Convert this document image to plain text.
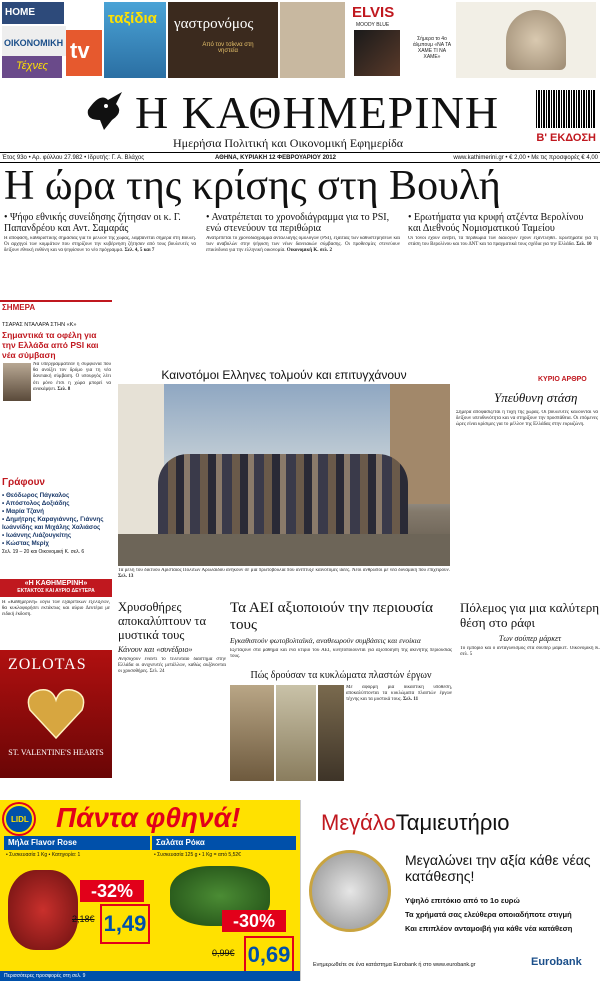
HOME
ΟΙΚΟΝΟΜΙΚΗ
Τέχνες
tv
ταξίδια γαστρονόμος
Από τον τσίκνα στη νηστεία
ELVIS
MOODY BLUE
Σήμερα το 4ο άλμπουμ «ΝΑ ΤΑ ΧΑΜΕ ΤΙ ΝΑ ΧΑΜΕ»
Η ΚΑΘΗΜΕΡΙΝΗ
Ημερήσια Πολιτική και Οικονομική Εφημερίδα	Β' ΕΚΔΟΣΗ
Έτος 93ο • Αρ. φύλλου 27.982 • Ιδρυτής: Γ. Α. Βλάχος	ΑΘΗΝΑ, ΚΥΡΙΑΚΗ 12 ΦΕΒΡΟΥΑΡΙΟΥ 2012	www.kathimerini.gr • € 2,00 • Με τις προσφορές € 4,00
Η ώρα της κρίσης στη Βουλή
• Ψήφο εθνικής συνείδησης ζήτησαν οι κ. Γ. Παπανδρέου και Αντ. Σαμαράς
• Ανατρέπεται το χρονοδιάγραμμα για το PSI, ενώ στενεύουν τα περιθώρια
• Ερωτήματα για κρυφή ατζέντα Βερολίνου και Διεθνούς Νομισματικού Ταμείου
Η απόφαση, καθοριστικής σημασίας για το μέλλον της χώρας, λαμβάνεται σήμερα στη Βουλή. Οι αρχηγοί των κομμάτων που στηρίζουν την κυβέρνηση ζήτησαν από τους βουλευτές να δείξουν εθνική ευθύνη και να ψηφίσουν το νέο πρόγραμμα. Σελ. 4, 5 και 7
Ανατρέπεται το χρονοδιάγραμμα ανταλλαγής ομολόγων (PSI), εξαιτίας των καθυστερήσεων και των αναβολών στην ψήφιση των νέων δανειακών σύμβασης. Οι προθεσμίες στενεύουν επικίνδυνα για την ελληνική οικονομία. Οικονομική Κ. σελ. 2
Οι τόνοι έχουν ανέβει, τα περιθώρια των διαλόγων έχουν εξαντληθεί. Ερωτήματα για τη στάση του Βερολίνου και του ΔΝΤ και τα πραγματικά τους σχέδια για την Ελλάδα. Σελ. 10
ΣΗΜΕΡΑ
ΤΣΑΡΑΣ ΝΤΑΛΑΡΑ ΣΤΗΝ «Κ»
Σημαντικά τα οφέλη για την Ελλάδα από PSI και νέα σύμβαση
Να υπεργραμματέαν η συμφωνία που θα ανοίξει τον δρόμο για τη νέα δανειακή σύμβαση. Ο υπουργός λέει ότι μόνο έτσι η χώρα μπορεί να ανακάμψει. Σελ. 8
Γράφουν
• Θεόδωρος Πάγκαλος
• Απόστολος Δοξιάδης
• Μαρία Τζανή
• Δημήτρης Καραγιάννης, Γιάννης Ιωάννίδης και Μιχάλης Χαλιάσος
• Ιωάννης Λιάζουγκίτης
• Κώστας Μερίχ
Σελ. 19 – 20 και Οικονομική Κ. σελ. 6
«Η ΚΑΘΗΜΕΡΙΝΗ»
ΕΚΤΑΚΤΟΣ ΚΑΙ ΑΥΡΙΟ ΔΕΥΤΕΡΑ
Η «Καθημερινή» λόγω των εξαιρετικών εξελίξεων, θα κυκλοφορήσει εκτάκτως και αύριο Δευτέρα με ειδική έκδοση.
ZOLOTAS
ST. VALENTINE'S HEARTS
Καινοτόμοι Ελληνες τολμούν και επιτυγχάνουν
Τα μέλη του δικτύου Αρίσταιος Πολιτών Αρωλαίδου ανήκουν σε μια πρωτοβουλία που ανέπτυξε καινοτόμες ιδέες. Νέοι άνθρωποι με νέα δυναμική που επιχειρούν. Σελ. 13
ΚΥΡΙΟ ΑΡΘΡΟ
Υπεύθυνη στάση
Σήμερα αποφασίζεται η τύχη της χώρας. Οι βουλευτές καλούνται να δείξουν υπευθυνότητα και να στηρίξουν την προσπάθεια. Οι επόμενες ώρες είναι κρίσιμες για το μέλλον της Ελλάδας στην ευρωζώνη.
Χρυσοθήρες αποκαλύπτουν τα μυστικά τους
Κάνουν και «συνέδριο»
Ανησυχούν έναντι το τελευταίο διάστημα στην Ελλάδα οι ανιχνευτές μετάλλων, καθώς αυξάνονται οι χρυσοθήρες. Σελ. 24
Τα ΑΕΙ αξιοποιούν την περιουσία τους
Εγκαθιστούν φωτοβολταϊκά, αναθεωρούν συμβάσεις και ενοίκια
Εξετάζουν στα μάθημα και ένα κτίριο του ΑΕΙ, κινητοποιούνται για αξιοποίηση της ακίνητης περιουσίας τους.
Πόλεμος για μια καλύτερη θέση στο ράφι
Των σούπερ μάρκετ
Το εμπόριο και ο ανταγωνισμός στα σούπερ μάρκετ. Οικονομική Κ. σελ. 5
Πώς δρούσαν τα κυκλώματα πλαστών έργων
Με αφορμή μια δικαστική υπόθεση, αποκαλύπτονται τα κυκλώματα πλαστών έργων τέχνης και τα μυστικά τους. Σελ. 11
LIDL Πάντα φθηνά!
Μήλα Flavor Rose
• Συσκευασία 1 Kg • Κατηγορία: 1
-32%
2,18€ 1,49
Σαλάτα Ρόκα
• Συσκευασία 125 g • 1 Kg = από 5,52€
-30%
0,99€ 0,69
Περισσότερες προσφορές στη σελ. 9
ΜεγάλοΤαμιευτήριο
Μεγαλώνει την αξία κάθε νέας κατάθεσης!
Υψηλό επιτόκιο από το 1ο ευρώ
Τα χρήματά σας ελεύθερα οποιαδήποτε στιγμή
Και επιπλέον ανταμοιβή για κάθε νέα κατάθεση
Ενημερωθείτε σε ένα κατάστημα Eurobank ή στο www.eurobank.gr	Eurobank
